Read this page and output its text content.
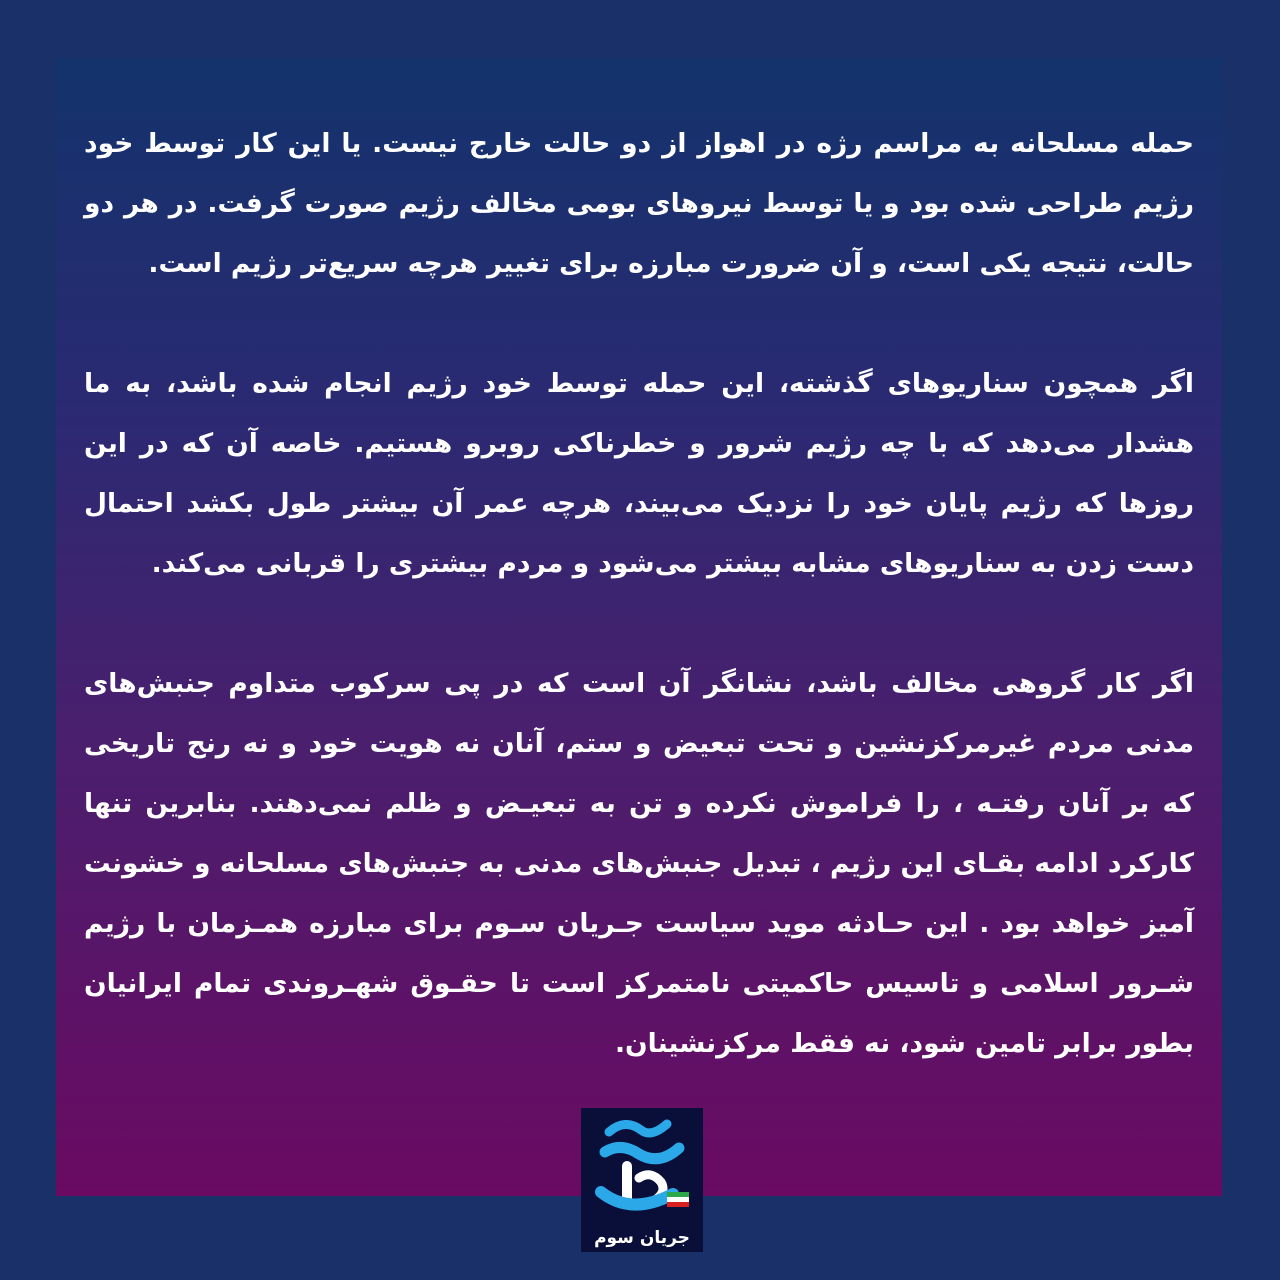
حمله مسلحانه به مراسم رژه در اهواز از دو حالت خارج نیست. یا این کار توسط خود رژیم طراحی شده بود و یا توسط نیروهای بومی مخالف رژیم صورت گرفت. در هر دو حالت، نتیجه یکی است، و آن ضرورت مبارزه برای تغییر هرچه سریع‌تر رژیم است.

اگر همچون سناریوهای گذشته، این حمله توسط خود رژیم انجام شده باشد، به ما هشدار می‌دهد که با چه رژیم شرور و خطرناکی روبرو هستیم. خاصه آن که در این روزها که رژیم پایان خود را نزدیک می‌بیند، هرچه عمر آن بیشتر طول بکشد احتمال دست زدن به سناریوهای مشابه بیشتر می‌شود و مردم بیشتری را قربانی می‌کند.

اگر کار گروهی مخالف باشد، نشانگر آن است که در پی سرکوب متداوم جنبش‌های مدنی مردم غیرمرکزنشین و تحت تبعیض و ستم، آنان نه هویت خود و نه رنج تاریخی که بر آنان رفتـه ، را فراموش نکرده و تن به تبعیـض و ظلم نمی‌دهند. بنابرین تنها کارکرد ادامه بقـای این رژیم ، تبدیل جنبش‌های مدنی به جنبش‌های مسلحانه و خشونت آمیز خواهد بود . این حـادثه موید سیاست جـریان سـوم برای مبارزه همـزمان با رژیم شـرور اسلامی و تاسیس حاکمیتی نامتمرکز است تا حقـوق شهـروندی تمام ایرانیان بطور برابر تامین شود، نه فقط مرکزنشینان.

جریان سوم
